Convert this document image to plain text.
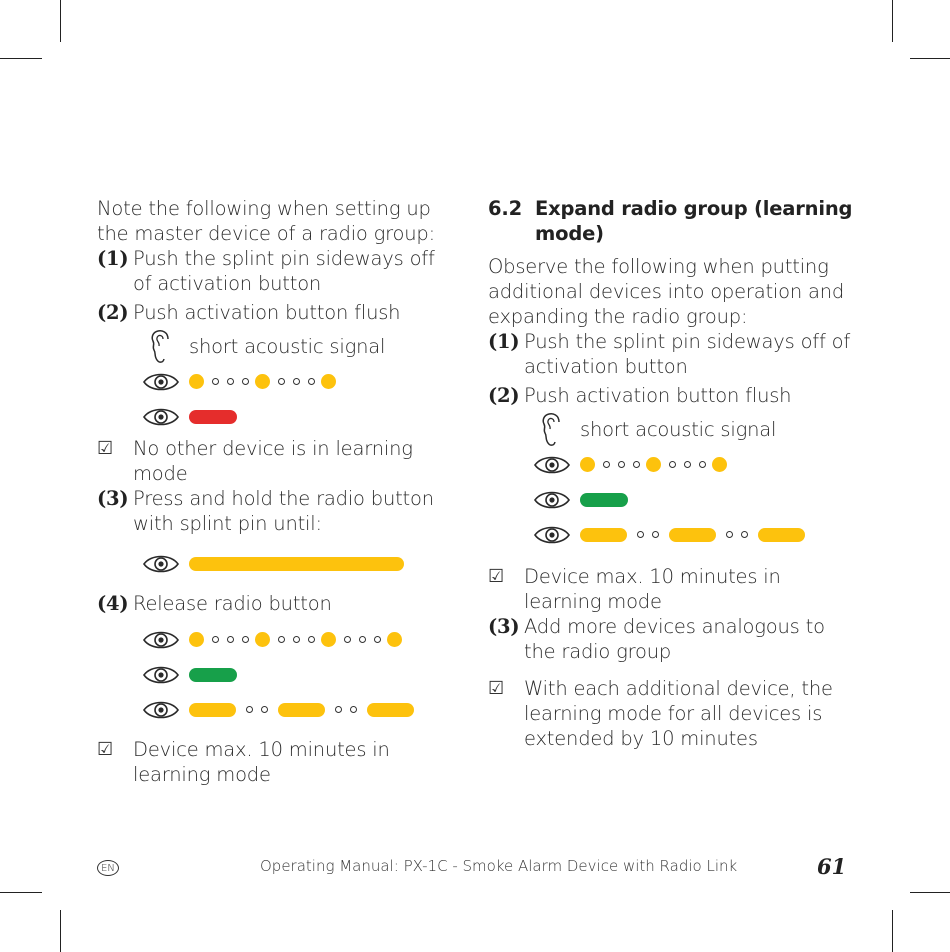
Note the following when setting up the master device of a radio group:

(1) Push the splint pin sideways off of activation button
(2) Push activation button flush
short acoustic signal
☑	No other device is in learning mode
(3) Press and hold the radio button with splint pin until:
(4) Release radio button
☑	Device max. 10 minutes in learning mode
6.2 Expand radio group (learning mode)

Observe the following when putting additional devices into operation and expanding the radio group:

(1) Push the splint pin sideways off of activation button
(2) Push activation button flush
short acoustic signal
☑	Device max. 10 minutes in learning mode
(3) Add more devices analogous to the radio group
☑	With each additional device, the learning mode for all devices is extended by 10 minutes
EN	Operating Manual: PX-1C - Smoke Alarm Device with Radio Link	61
